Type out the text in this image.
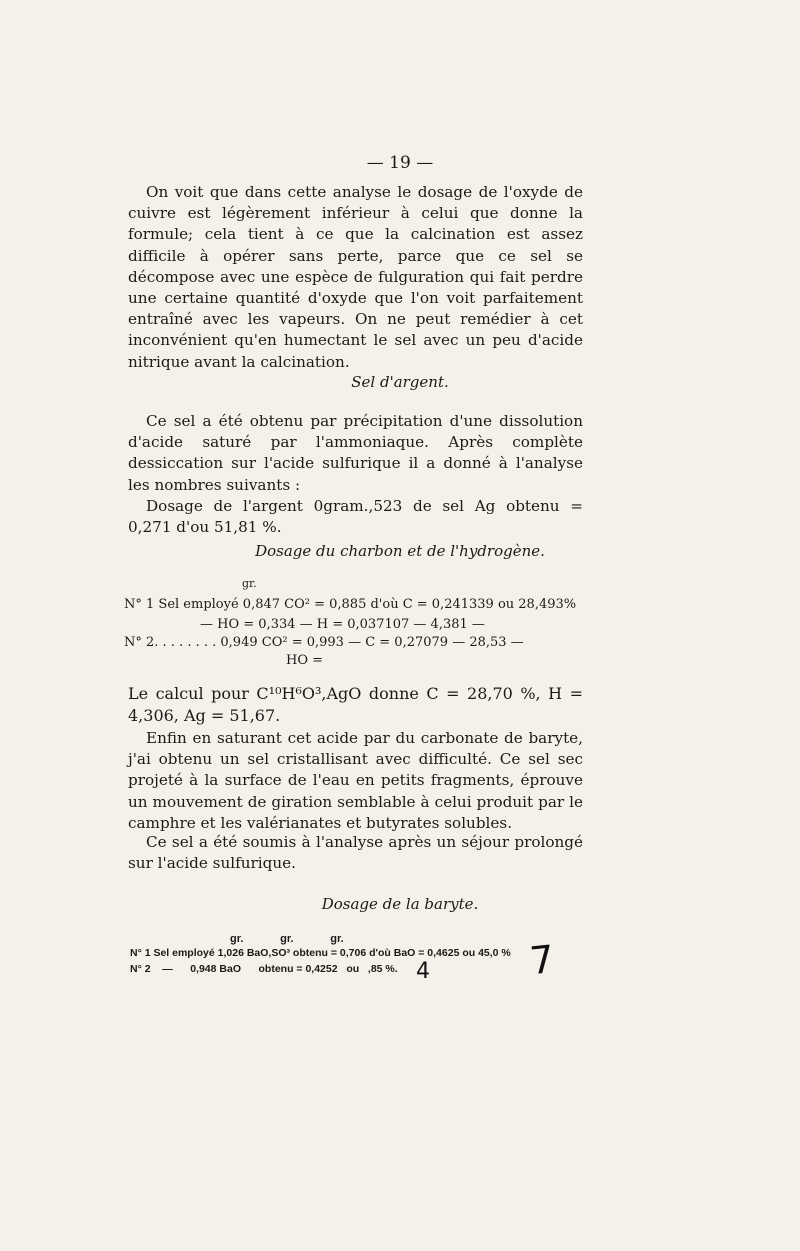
— 19 —
On voit que dans cette analyse le dosage de l'oxyde de cuivre est légèrement inférieur à celui que donne la formule; cela tient à ce que la calcination est assez difficile à opérer sans perte, parce que ce sel se décompose avec une espèce de fulguration qui fait perdre une certaine quantité d'oxyde que l'on voit parfaitement entraîné avec les vapeurs. On ne peut remédier à cet inconvénient qu'en humectant le sel avec un peu d'acide nitrique avant la calcination.
Sel d'argent.
Ce sel a été obtenu par précipitation d'une dissolution d'acide saturé par l'ammoniaque. Après complète dessiccation sur l'acide sulfurique il a donné à l'analyse les nombres suivants :
Dosage de l'argent 0gram.,523 de sel Ag obtenu = 0,271 d'ou 51,81 %.
Dosage du charbon et de l'hydrogène.
gr.
N° 1 Sel employé 0,847 CO² = 0,885 d'où C = 0,241339 ou 28,493%
— HO = 0,334 — H = 0,037107 — 4,381 —
N° 2. . . . . . . . 0,949 CO² = 0,993 — C = 0,27079 — 28,53 —
HO =
Le calcul pour C¹⁰H⁶O³,AgO donne C = 28,70 %, H = 4,306, Ag = 51,67.
Enfin en saturant cet acide par du carbonate de baryte, j'ai obtenu un sel cristallisant avec difficulté. Ce sel sec projeté à la surface de l'eau en petits fragments, éprouve un mouvement de giration semblable à celui produit par le camphre et les valérianates et butyrates solubles.
Ce sel a été soumis à l'analyse après un séjour prolongé sur l'acide sulfurique.
Dosage de la baryte.
gr.            gr.            gr.
N° 1 Sel employé 1,026 BaO,SO³ obtenu = 0,706 d'où BaO = 0,4625 ou 45,0 %
N° 2    —      0,948 BaO      obtenu = 0,4252   ou   ,85 %.	7
4
